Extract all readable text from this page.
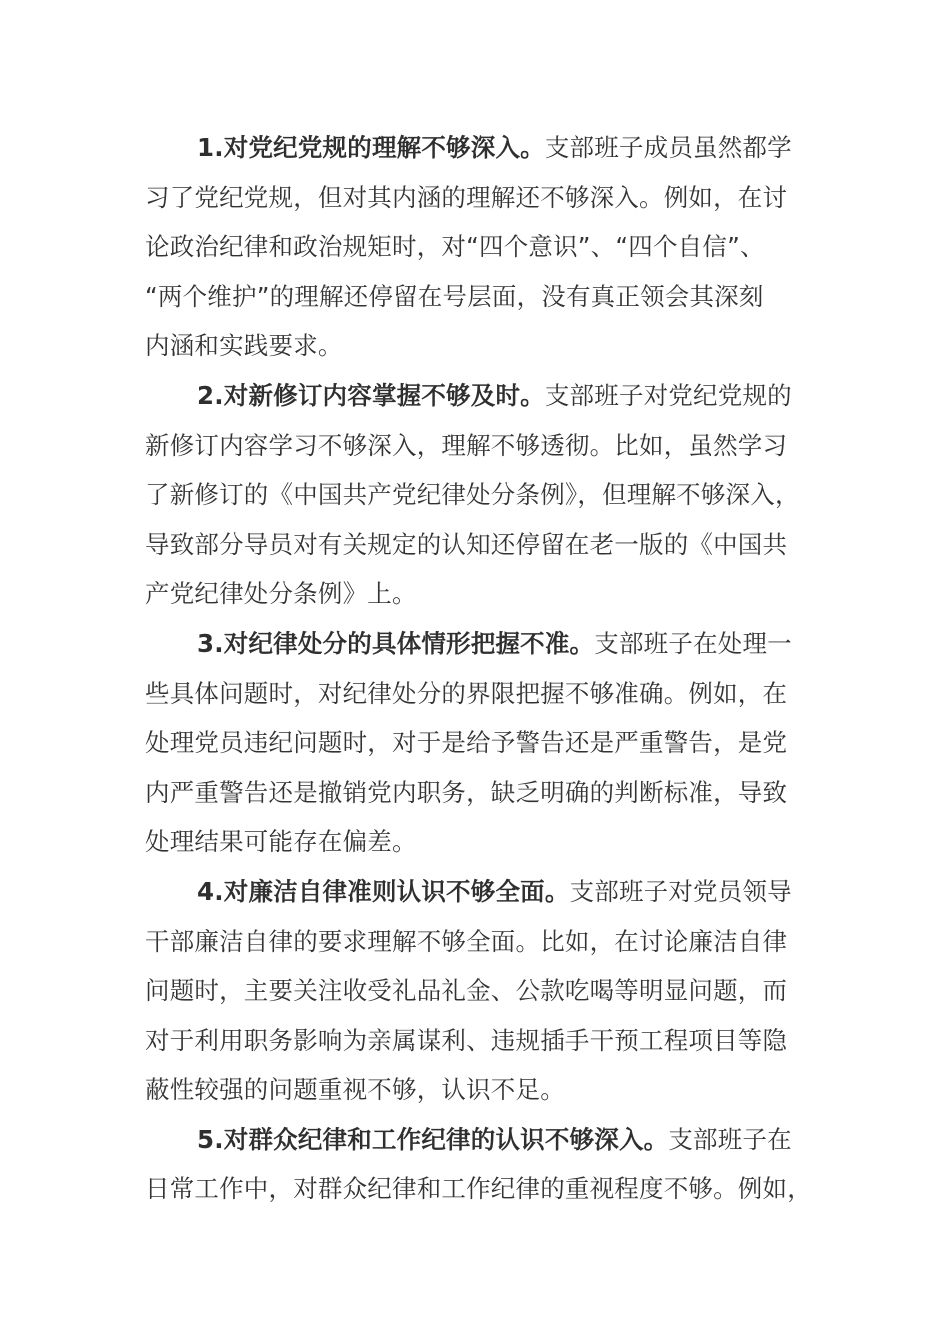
1.对党纪党规的理解不够深入。支部班子成员虽然都学
习了党纪党规，但对其内涵的理解还不够深入。例如，在讨
论政治纪律和政治规矩时，对“四个意识”、“四个自信”、
“两个维护”的理解还停留在号层面，没有真正领会其深刻
内涵和实践要求。
2.对新修订内容掌握不够及时。支部班子对党纪党规的
新修订内容学习不够深入，理解不够透彻。比如，虽然学习
了新修订的《中国共产党纪律处分条例》，但理解不够深入，
导致部分导员对有关规定的认知还停留在老一版的《中国共
产党纪律处分条例》上。
3.对纪律处分的具体情形把握不准。支部班子在处理一
些具体问题时，对纪律处分的界限把握不够准确。例如，在
处理党员违纪问题时，对于是给予警告还是严重警告，是党
内严重警告还是撤销党内职务，缺乏明确的判断标准，导致
处理结果可能存在偏差。
4.对廉洁自律准则认识不够全面。支部班子对党员领导
干部廉洁自律的要求理解不够全面。比如，在讨论廉洁自律
问题时，主要关注收受礼品礼金、公款吃喝等明显问题，而
对于利用职务影响为亲属谋利、违规插手干预工程项目等隐
蔽性较强的问题重视不够，认识不足。
5.对群众纪律和工作纪律的认识不够深入。支部班子在
日常工作中，对群众纪律和工作纪律的重视程度不够。例如，
